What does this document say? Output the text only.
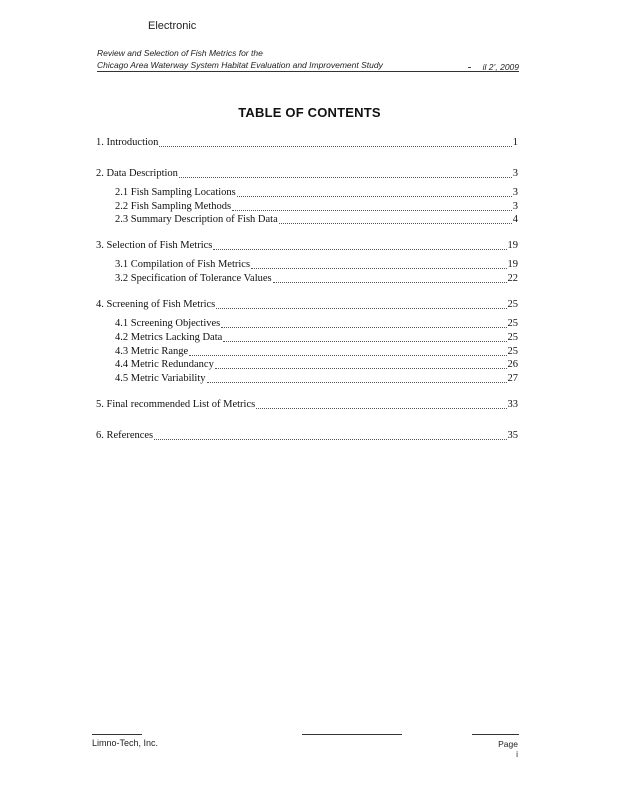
Electronic
Review and Selection of Fish Metrics for the
Chicago Area Waterway System Habitat Evaluation and Improvement Study	il 2’, 2009
TABLE OF CONTENTS
1. Introduction	1
2. Data Description	3
2.1 Fish Sampling Locations	3
2.2 Fish Sampling Methods	3
2.3 Summary Description of Fish Data	4
3. Selection of Fish Metrics	19
3.1 Compilation of Fish Metrics	19
3.2 Specification of Tolerance Values	22
4. Screening of Fish Metrics	25
4.1 Screening Objectives	25
4.2 Metrics Lacking Data	25
4.3 Metric Range	25
4.4 Metric Redundancy	26
4.5 Metric Variability	27
5. Final recommended List of Metrics	33
6. References	35
Limno-Tech, Inc.	Page i
